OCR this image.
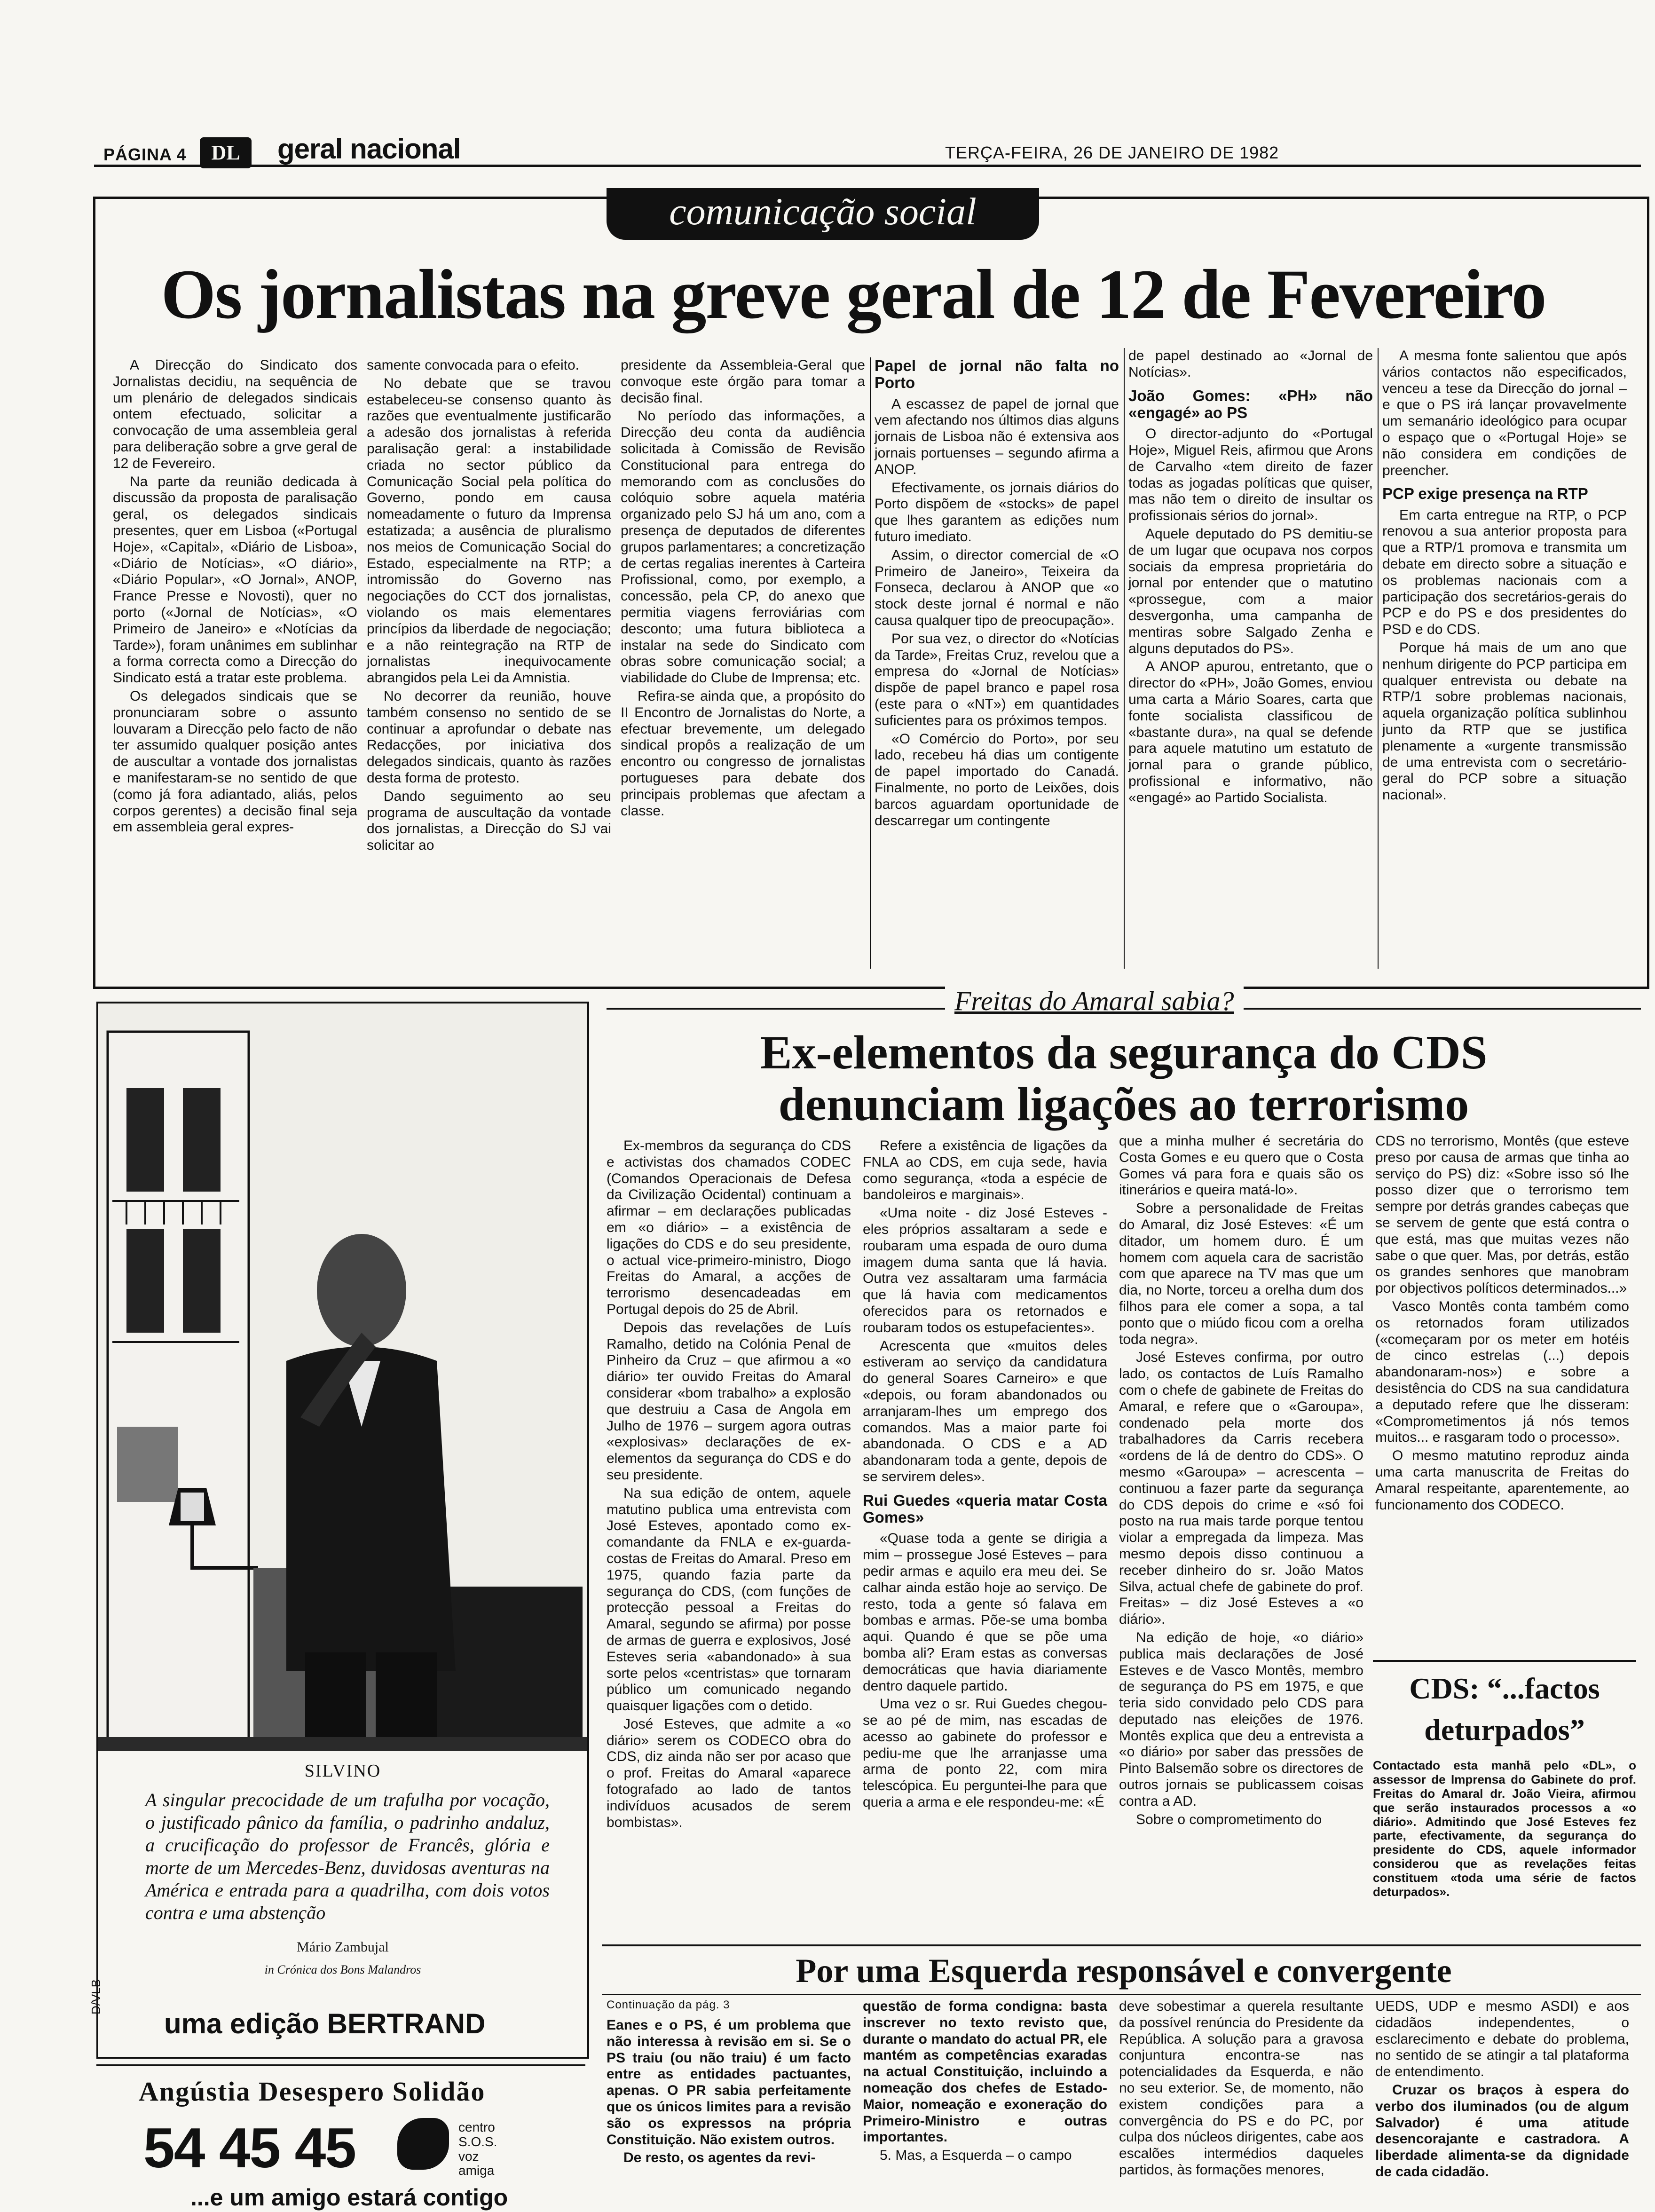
PÁGINA 4	DL	geral nacional	TERÇA-FEIRA, 26 DE JANEIRO DE 1982
comunicação social
Os jornalistas na greve geral de 12 de Fevereiro

A Direcção do Sindicato dos Jornalistas decidiu, na sequência de um plenário de delegados sindicais ontem efectuado, solicitar a convocação de uma assembleia geral para deliberação sobre a grve geral de 12 de Fevereiro.

Na parte da reunião dedicada à discussão da proposta de paralisação geral, os delegados sindicais presentes, quer em Lisboa («Portugal Hoje», «Capital», «Diário de Lisboa», «Diário de Notícias», «O diário», «Diário Popular», «O Jornal», ANOP, France Presse e Novosti), quer no porto («Jornal de Notícias», «O Primeiro de Janeiro» e «Notícias da Tarde»), foram unânimes em sublinhar a forma correcta como a Direcção do Sindicato está a tratar este problema.

Os delegados sindicais que se pronunciaram sobre o assunto louvaram a Direcção pelo facto de não ter assumido qualquer posição antes de auscultar a vontade dos jornalistas e manifestaram-se no sentido de que (como já fora adiantado, aliás, pelos corpos gerentes) a decisão final seja em assembleia geral expres-

samente convocada para o efeito.

No debate que se travou estabeleceu-se consenso quanto às razões que eventualmente justificarão a adesão dos jornalistas à referida paralisação geral: a instabilidade criada no sector público da Comunicação Social pela política do Governo, pondo em causa nomeadamente o futuro da Imprensa estatizada; a ausência de pluralismo nos meios de Comunicação Social do Estado, especialmente na RTP; a intromissão do Governo nas negociações do CCT dos jornalistas, violando os mais elementares princípios da liberdade de negociação; e a não reintegração na RTP de jornalistas inequivocamente abrangidos pela Lei da Amnistia.

No decorrer da reunião, houve também consenso no sentido de se continuar a aprofundar o debate nas Redacções, por iniciativa dos delegados sindicais, quanto às razões desta forma de protesto.

Dando seguimento ao seu programa de auscultação da vontade dos jornalistas, a Direcção do SJ vai solicitar ao

presidente da Assembleia-Geral que convoque este órgão para tomar a decisão final.

No período das informações, a Direcção deu conta da audiência solicitada à Comissão de Revisão Constitucional para entrega do memorando com as conclusões do colóquio sobre aquela matéria organizado pelo SJ há um ano, com a presença de deputados de diferentes grupos parlamentares; a concretização de certas regalias inerentes à Carteira Profissional, como, por exemplo, a concessão, pela CP, do anexo que permitia viagens ferroviárias com desconto; uma futura biblioteca a instalar na sede do Sindicato com obras sobre comunicação social; a viabilidade do Clube de Imprensa; etc.

Refira-se ainda que, a propósito do II Encontro de Jornalistas do Norte, a efectuar brevemente, um delegado sindical propôs a realização de um encontro ou congresso de jornalistas portugueses para debate dos principais problemas que afectam a classe.

Papel de jornal não falta no Porto

A escassez de papel de jornal que vem afectando nos últimos dias alguns jornais de Lisboa não é extensiva aos jornais portuenses – segundo afirma a ANOP.

Efectivamente, os jornais diários do Porto dispõem de «stocks» de papel que lhes garantem as edições num futuro imediato.

Assim, o director comercial de «O Primeiro de Janeiro», Teixeira da Fonseca, declarou à ANOP que «o stock deste jornal é normal e não causa qualquer tipo de preocupação».

Por sua vez, o director do «Notícias da Tarde», Freitas Cruz, revelou que a empresa do «Jornal de Notícias» dispõe de papel branco e papel rosa (este para o «NT») em quantidades suficientes para os próximos tempos.

«O Comércio do Porto», por seu lado, recebeu há dias um contigente de papel importado do Canadá. Finalmente, no porto de Leixões, dois barcos aguardam oportunidade de descarregar um contingente

de papel destinado ao «Jornal de Notícias».

João Gomes: «PH» não «engagé» ao PS

O director-adjunto do «Portugal Hoje», Miguel Reis, afirmou que Arons de Carvalho «tem direito de fazer todas as jogadas políticas que quiser, mas não tem o direito de insultar os profissionais sérios do jornal».

Aquele deputado do PS demitiu-se de um lugar que ocupava nos corpos sociais da empresa proprietária do jornal por entender que o matutino «prossegue, com a maior desvergonha, uma campanha de mentiras sobre Salgado Zenha e alguns deputados do PS».

A ANOP apurou, entretanto, que o director do «PH», João Gomes, enviou uma carta a Mário Soares, carta que fonte socialista classificou de «bastante dura», na qual se defende para aquele matutino um estatuto de jornal para o grande público, profissional e informativo, não «engagé» ao Partido Socialista.

A mesma fonte salientou que após vários contactos não especificados, venceu a tese da Direcção do jornal – e que o PS irá lançar provavelmente um semanário ideológico para ocupar o espaço que o «Portugal Hoje» se não considera em condições de preencher.

PCP exige presença na RTP

Em carta entregue na RTP, o PCP renovou a sua anterior proposta para que a RTP/1 promova e transmita um debate em directo sobre a situação e os problemas nacionais com a participação dos secretários-gerais do PCP e do PS e dos presidentes do PSD e do CDS.

Porque há mais de um ano que nenhum dirigente do PCP participa em qualquer entrevista ou debate na RTP/1 sobre problemas nacionais, aquela organização política sublinhou junto da RTP que se justifica plenamente a «urgente transmissão de uma entrevista com o secretário-geral do PCP sobre a situação nacional».

SILVINO
A singular precocidade de um trafulha por vocação, o justificado pânico da família, o padrinho andaluz, a crucificação do professor de Francês, glória e morte de um Mercedes-Benz, duvidosas aventuras na América e entrada para a quadrilha, com dois votos contra e uma abstenção
Mário Zambujal
in Crónica dos Bons Malandros
D/VLB
uma edição BERTRAND
Angústia Desespero Solidão
54 45 45	centro S.O.S. voz amiga
...e um amigo estará contigo
Freitas do Amaral sabia?
Ex-elementos da segurança do CDS
denunciam ligações ao terrorismo

Ex-membros da segurança do CDS e activistas dos chamados CODEC (Comandos Operacionais de Defesa da Civilização Ocidental) continuam a afirmar – em declarações publicadas em «o diário» – a existência de ligações do CDS e do seu presidente, o actual vice-primeiro-ministro, Diogo Freitas do Amaral, a acções de terrorismo desencadeadas em Portugal depois do 25 de Abril.

Depois das revelações de Luís Ramalho, detido na Colónia Penal de Pinheiro da Cruz – que afirmou a «o diário» ter ouvido Freitas do Amaral considerar «bom trabalho» a explosão que destruiu a Casa de Angola em Julho de 1976 – surgem agora outras «explosivas» declarações de ex-elementos da segurança do CDS e do seu presidente.

Na sua edição de ontem, aquele matutino publica uma entrevista com José Esteves, apontado como ex-comandante da FNLA e ex-guarda-costas de Freitas do Amaral. Preso em 1975, quando fazia parte da segurança do CDS, (com funções de protecção pessoal a Freitas do Amaral, segundo se afirma) por posse de armas de guerra e explosivos, José Esteves seria «abandonado» à sua sorte pelos «centristas» que tornaram público um comunicado negando quaisquer ligações com o detido.

José Esteves, que admite a «o diário» serem os CODECO obra do CDS, diz ainda não ser por acaso que o prof. Freitas do Amaral «aparece fotografado ao lado de tantos indivíduos acusados de serem bombistas».

Refere a existência de ligações da FNLA ao CDS, em cuja sede, havia como segurança, «toda a espécie de bandoleiros e marginais».

«Uma noite - diz José Esteves - eles próprios assaltaram a sede e roubaram uma espada de ouro duma imagem duma santa que lá havia. Outra vez assaltaram uma farmácia que lá havia com medicamentos oferecidos para os retornados e roubaram todos os estupefacientes».

Acrescenta que «muitos deles estiveram ao serviço da candidatura do general Soares Carneiro» e que «depois, ou foram abandonados ou arranjaram-lhes um emprego dos comandos. Mas a maior parte foi abandonada. O CDS e a AD abandonaram toda a gente, depois de se servirem deles».

Rui Guedes «queria matar Costa Gomes»

«Quase toda a gente se dirigia a mim – prossegue José Esteves – para pedir armas e aquilo era meu dei. Se calhar ainda estão hoje ao serviço. De resto, toda a gente só falava em bombas e armas. Põe-se uma bomba aqui. Quando é que se põe uma bomba ali? Eram estas as conversas democráticas que havia diariamente dentro daquele partido.

Uma vez o sr. Rui Guedes chegou-se ao pé de mim, nas escadas de acesso ao gabinete do professor e pediu-me que lhe arranjasse uma arma de ponto 22, com mira telescópica. Eu perguntei-lhe para que queria a arma e ele respondeu-me: «É

que a minha mulher é secretária do Costa Gomes e eu quero que o Costa Gomes vá para fora e quais são os itinerários e queira matá-lo».

Sobre a personalidade de Freitas do Amaral, diz José Esteves: «É um ditador, um homem duro. É um homem com aquela cara de sacristão com que aparece na TV mas que um dia, no Norte, torceu a orelha dum dos filhos para ele comer a sopa, a tal ponto que o miúdo ficou com a orelha toda negra».

José Esteves confirma, por outro lado, os contactos de Luís Ramalho com o chefe de gabinete de Freitas do Amaral, e refere que o «Garoupa», condenado pela morte dos trabalhadores da Carris recebera «ordens de lá de dentro do CDS». O mesmo «Garoupa» – acrescenta – continuou a fazer parte da segurança do CDS depois do crime e «só foi posto na rua mais tarde porque tentou violar a empregada da limpeza. Mas mesmo depois disso continuou a receber dinheiro do sr. João Matos Silva, actual chefe de gabinete do prof. Freitas» – diz José Esteves a «o diário».

Na edição de hoje, «o diário» publica mais declarações de José Esteves e de Vasco Montês, membro de segurança do PS em 1975, e que teria sido convidado pelo CDS para deputado nas eleições de 1976. Montês explica que deu a entrevista a «o diário» por saber das pressões de Pinto Balsemão sobre os directores de outros jornais se publicassem coisas contra a AD.

Sobre o comprometimento do

CDS no terrorismo, Montês (que esteve preso por causa de armas que tinha ao serviço do PS) diz: «Sobre isso só lhe posso dizer que o terrorismo tem sempre por detrás grandes cabeças que se servem de gente que está contra o que está, mas que muitas vezes não sabe o que quer. Mas, por detrás, estão os grandes senhores que manobram por objectivos políticos determinados...»

Vasco Montês conta também como os retornados foram utilizados («começaram por os meter em hotéis de cinco estrelas (...) depois abandonaram-nos») e sobre a desistência do CDS na sua candidatura a deputado refere que lhe disseram: «Comprometimentos já nós temos muitos... e rasgaram todo o processo».

O mesmo matutino reproduz ainda uma carta manuscrita de Freitas do Amaral respeitante, aparentemente, ao funcionamento dos CODECO.

CDS: “...factos
deturpados”
Contactado esta manhã pelo «DL», o assessor de Imprensa do Gabinete do prof. Freitas do Amaral dr. João Vieira, afirmou que serão instaurados processos a «o diário». Admitindo que José Esteves fez parte, efectivamente, da segurança do presidente do CDS, aquele informador considerou que as revelações feitas constituem «toda uma série de factos deturpados».
Por uma Esquerda responsável e convergente
Continuação da pág. 3

Eanes e o PS, é um problema que não interessa à revisão em si. Se o PS traiu (ou não traiu) é um facto entre as entidades pactuantes, apenas. O PR sabia perfeitamente que os únicos limites para a revisão são os expressos na própria Constituição. Não existem outros.

De resto, os agentes da revi-

questão de forma condigna: basta inscrever no texto revisto que, durante o mandato do actual PR, ele mantém as competências exaradas na actual Constituição, incluindo a nomeação dos chefes de Estado-Maior, nomeação e exoneração do Primeiro-Ministro e outras importantes.

5. Mas, a Esquerda – o campo

deve sobestimar a querela resultante da possível renúncia do Presidente da República. A solução para a gravosa conjuntura encontra-se nas potencialidades da Esquerda, e não no seu exterior. Se, de momento, não existem condições para a convergência do PS e do PC, por culpa dos núcleos dirigentes, cabe aos escalões intermédios daqueles partidos, às formações menores,

UEDS, UDP e mesmo ASDI) e aos cidadãos independentes, o esclarecimento e debate do problema, no sentido de se atingir a tal plataforma de entendimento.

Cruzar os braços à espera do verbo dos iluminados (ou de algum Salvador) é uma atitude desencorajante e castradora. A liberdade alimenta-se da dignidade de cada cidadão.
